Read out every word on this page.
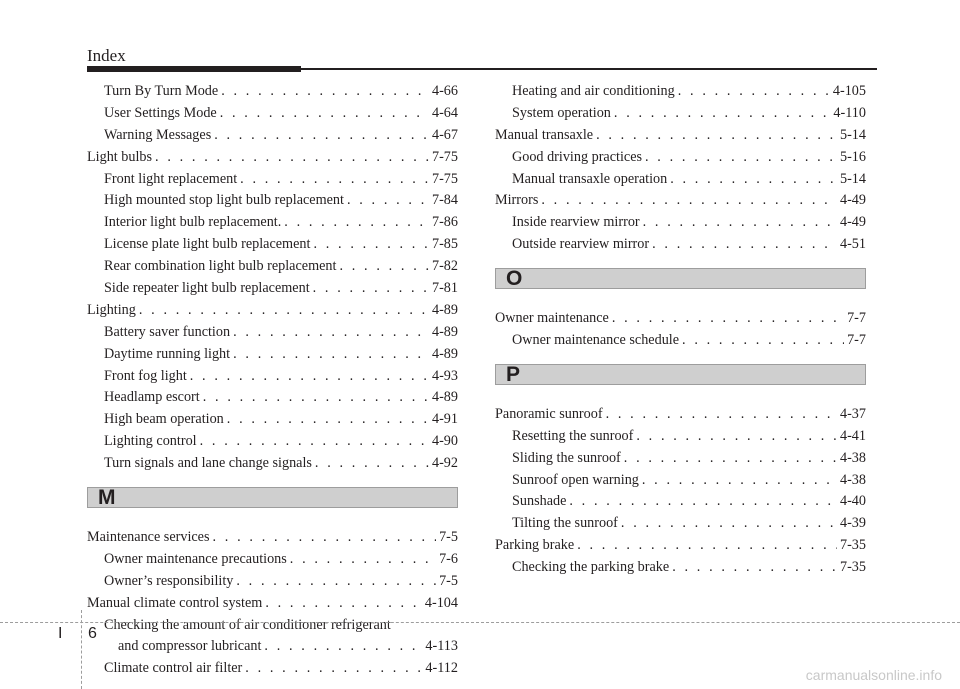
Index
Turn By Turn Mode . . .	4-66
User Settings Mode . . .	4-64
Warning Messages . . .	4-67
Light bulbs . . .	7-75
Front light replacement . . .	7-75
High mounted stop light bulb replacement . . .	7-84
Interior light bulb replacement. . . .	7-86
License plate light bulb replacement . . .	7-85
Rear combination light bulb replacement . . .	7-82
Side repeater light bulb replacement . . .	7-81
Lighting . . .	4-89
Battery saver function . . .	4-89
Daytime running light . . .	4-89
Front fog light . . .	4-93
Headlamp escort . . .	4-89
High beam operation . . .	4-91
Lighting control . . .	4-90
Turn signals and lane change signals . . .	4-92
M
Maintenance services . . .	7-5
Owner maintenance precautions . . .	7-6
Owner’s responsibility . . .	7-5
Manual climate control system . . .	4-104
Checking the amount of air conditioner refrigerant
and compressor lubricant . . .	4-113
Climate control air filter . . .	4-112
Heating and air conditioning . . .	4-105
System operation . . .	4-110
Manual transaxle . . .	5-14
Good driving practices . . .	5-16
Manual transaxle operation . . .	5-14
Mirrors . . .	4-49
Inside rearview mirror . . .	4-49
Outside rearview mirror . . .	4-51
O
Owner maintenance . . .	7-7
Owner maintenance schedule . . .	7-7
P
Panoramic sunroof . . .	4-37
Resetting the sunroof . . .	4-41
Sliding the sunroof . . .	4-38
Sunroof open warning . . .	4-38
Sunshade . . .	4-40
Tilting the sunroof . . .	4-39
Parking brake . . .	7-35
Checking the parking brake . . .	7-35
I 6
carmanualsonline.info
